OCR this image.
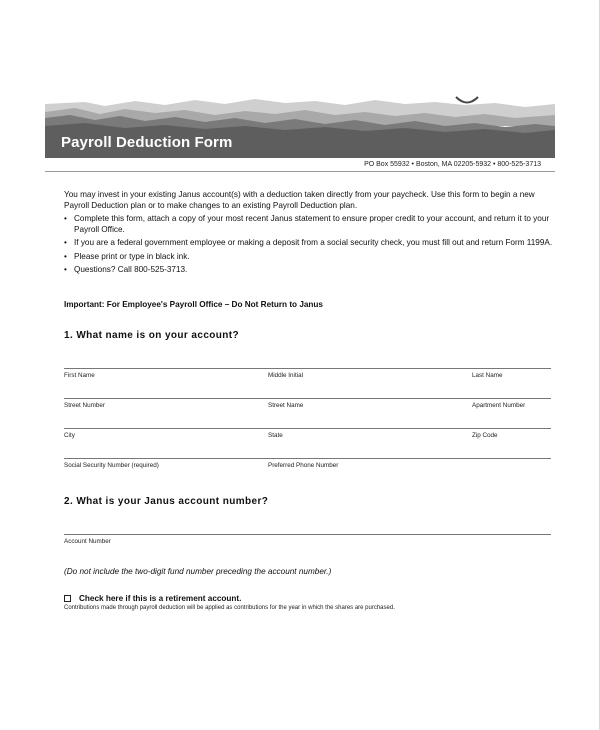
Payroll Deduction Form
PO Box 55932 • Boston, MA 02205-5932 • 800-525-3713
You may invest in your existing Janus account(s) with a deduction taken directly from your paycheck. Use this form to begin a new Payroll Deduction plan or to make changes to an existing Payroll Deduction plan.
• Complete this form, attach a copy of your most recent Janus statement to ensure proper credit to your account, and return it to your Payroll Office.
• If you are a federal government employee or making a deposit from a social security check, you must fill out and return Form 1199A.
• Please print or type in black ink.
• Questions? Call 800-525-3713.
Important: For Employee's Payroll Office – Do Not Return to Janus
1. What name is on your account?
First Name	Middle Initial	Last Name
Street Number	Street Name	Apartment Number
City	State	Zip Code
Social Security Number (required)	Preferred Phone Number
2. What is your Janus account number?
Account Number
(Do not include the two-digit fund number preceding the account number.)
Check here if this is a retirement account.
Contributions made through payroll deduction will be applied as contributions for the year in which the shares are purchased.
